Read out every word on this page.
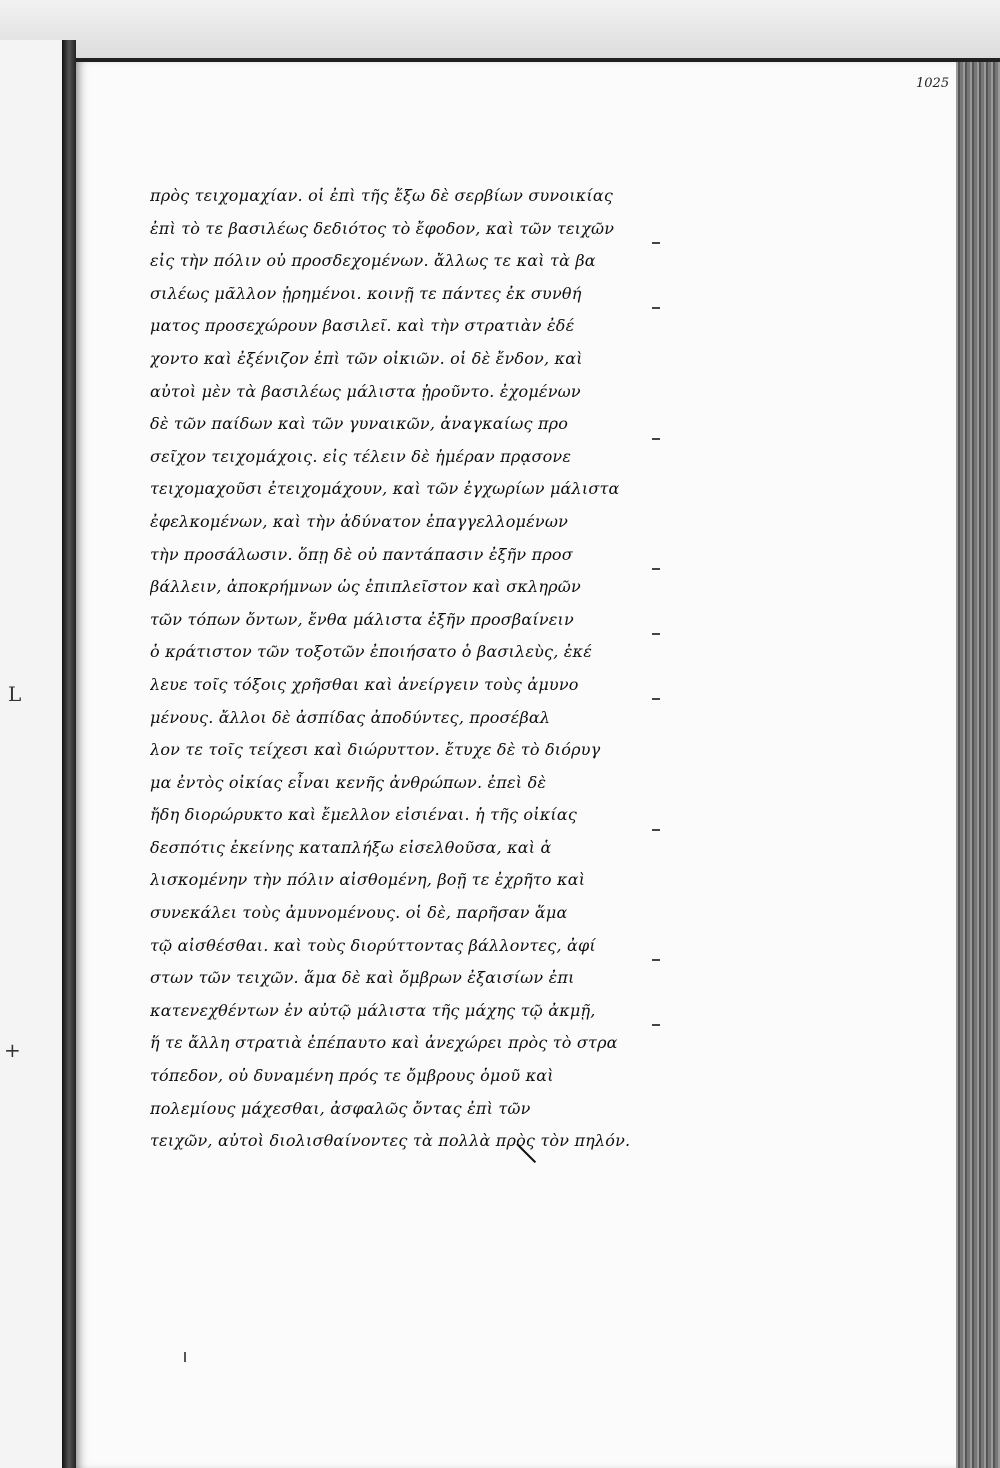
L
+
1025
πρὸς τειχομαχίαν. οἱ ἐπὶ τῆς ἔξω δὲ σερβίων συνοικίας
ἐπὶ τὸ τε βασιλέως δεδιότος τὸ ἔφοδον, καὶ τῶν τειχῶν
εἰς τὴν πόλιν οὐ προσδεχομένων. ἄλλως τε καὶ τὰ βα
σιλέως μᾶλλον ᾑρημένοι. κοινῇ τε πάντες ἐκ συνθή
ματος προσεχώρουν βασιλεῖ. καὶ τὴν στρατιὰν ἐδέ
χοντο καὶ ἐξένιζον ἐπὶ τῶν οἰκιῶν. οἱ δὲ ἔνδον, καὶ
αὐτοὶ μὲν τὰ βασιλέως μάλιστα ᾑροῦντο. ἐχομένων
δὲ τῶν παίδων καὶ τῶν γυναικῶν, ἀναγκαίως προ
σεῖχον τειχομάχοις. εἰς τέλειν δὲ ἡμέραν πρᾳσονε
τειχομαχοῦσι ἐτειχομάχουν, καὶ τῶν ἐγχωρίων μάλιστα
ἐφελκομένων, καὶ τὴν ἀδύνατον ἐπαγγελλομένων
τὴν προσάλωσιν. ὅπῃ δὲ οὐ παντάπασιν ἐξῆν προσ
βάλλειν, ἀποκρήμνων ὡς ἐπιπλεῖστον καὶ σκληρῶν
τῶν τόπων ὄντων, ἔνθα μάλιστα ἐξῆν προσβαίνειν
ὁ κράτιστον τῶν τοξοτῶν ἐποιήσατο ὁ βασιλεὺς, ἐκέ
λευε τοῖς τόξοις χρῆσθαι καὶ ἀνείργειν τοὺς ἀμυνο
μένους. ἄλλοι δὲ ἀσπίδας ἀποδύντες, προσέβαλ
λον τε τοῖς τείχεσι καὶ διώρυττον. ἔτυχε δὲ τὸ διόρυγ
μα ἐντὸς οἰκίας εἶναι κενῆς ἀνθρώπων. ἐπεὶ δὲ
ἤδη διορώρυκτο καὶ ἔμελλον εἰσιέναι. ἡ τῆς οἰκίας
δεσπότις ἐκείνης καταπλήξω εἰσελθοῦσα, καὶ ἁ
λισκομένην τὴν πόλιν αἰσθομένη, βοῇ τε ἐχρῆτο καὶ
συνεκάλει τοὺς ἀμυνομένους. οἱ δὲ, παρῆσαν ἅμα
τῷ αἰσθέσθαι. καὶ τοὺς διορύττοντας βάλλοντες, ἀφί
στων τῶν τειχῶν. ἅμα δὲ καὶ ὄμβρων ἐξαισίων ἐπι
κατενεχθέντων ἐν αὐτῷ μάλιστα τῆς μάχης τῷ ἀκμῇ,
ἥ τε ἄλλη στρατιὰ ἐπέπαυτο καὶ ἀνεχώρει πρὸς τὸ στρα
τόπεδον, οὐ δυναμένη πρός τε ὄμβρους ὁμοῦ καὶ
πολεμίους μάχεσθαι, ἀσφαλῶς ὄντας ἐπὶ τῶν
τειχῶν, αὐτοὶ διολισθαίνοντες τὰ πολλὰ πρὸς τὸν πηλόν.
